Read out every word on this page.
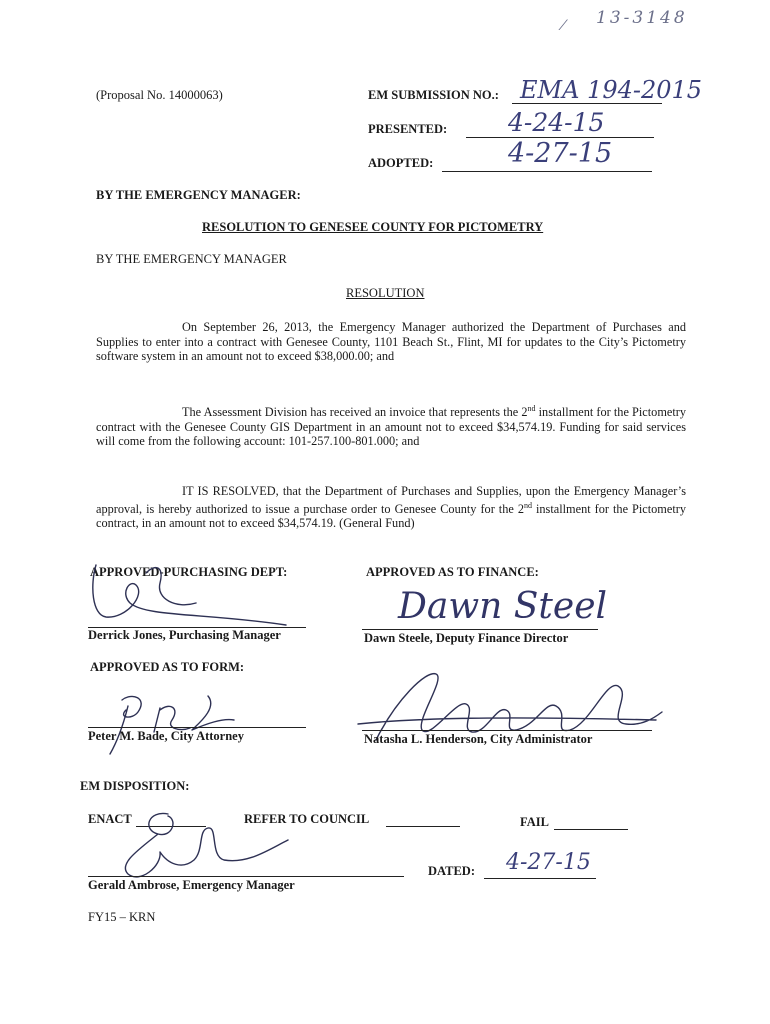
13-3148
⁄
(Proposal No. 14000063)	EM SUBMISSION NO.: EMA 194-2015
PRESENTED: 4-24-15
ADOPTED:	4-27-15
BY THE EMERGENCY MANAGER:
RESOLUTION TO GENESEE COUNTY FOR PICTOMETRY
BY THE EMERGENCY MANAGER
RESOLUTION
On September 26, 2013, the Emergency Manager authorized the Department of Purchases and Supplies to enter into a contract with Genesee County, 1101 Beach St., Flint, MI for updates to the City’s Pictometry software system in an amount not to exceed $38,000.00; and
The Assessment Division has received an invoice that represents the 2nd installment for the Pictometry contract with the Genesee County GIS Department in an amount not to exceed $34,574.19. Funding for said services will come from the following account: 101-257.100-801.000; and
IT IS RESOLVED, that the Department of Purchases and Supplies, upon the Emergency Manager’s approval, is hereby authorized to issue a purchase order to Genesee County for the 2nd installment for the Pictometry contract, in an amount not to exceed $34,574.19. (General Fund)
APPROVED-PURCHASING DEPT:
Derrick Jones, Purchasing Manager
APPROVED AS TO FINANCE:
Dawn Steel
Dawn Steele, Deputy Finance Director
APPROVED AS TO FORM:
Peter M. Bade, City Attorney	Natasha L. Henderson, City Administrator
EM DISPOSITION:
ENACT	REFER TO COUNCIL	FAIL
Gerald Ambrose, Emergency Manager
DATED: 4-27-15
FY15 – KRN
